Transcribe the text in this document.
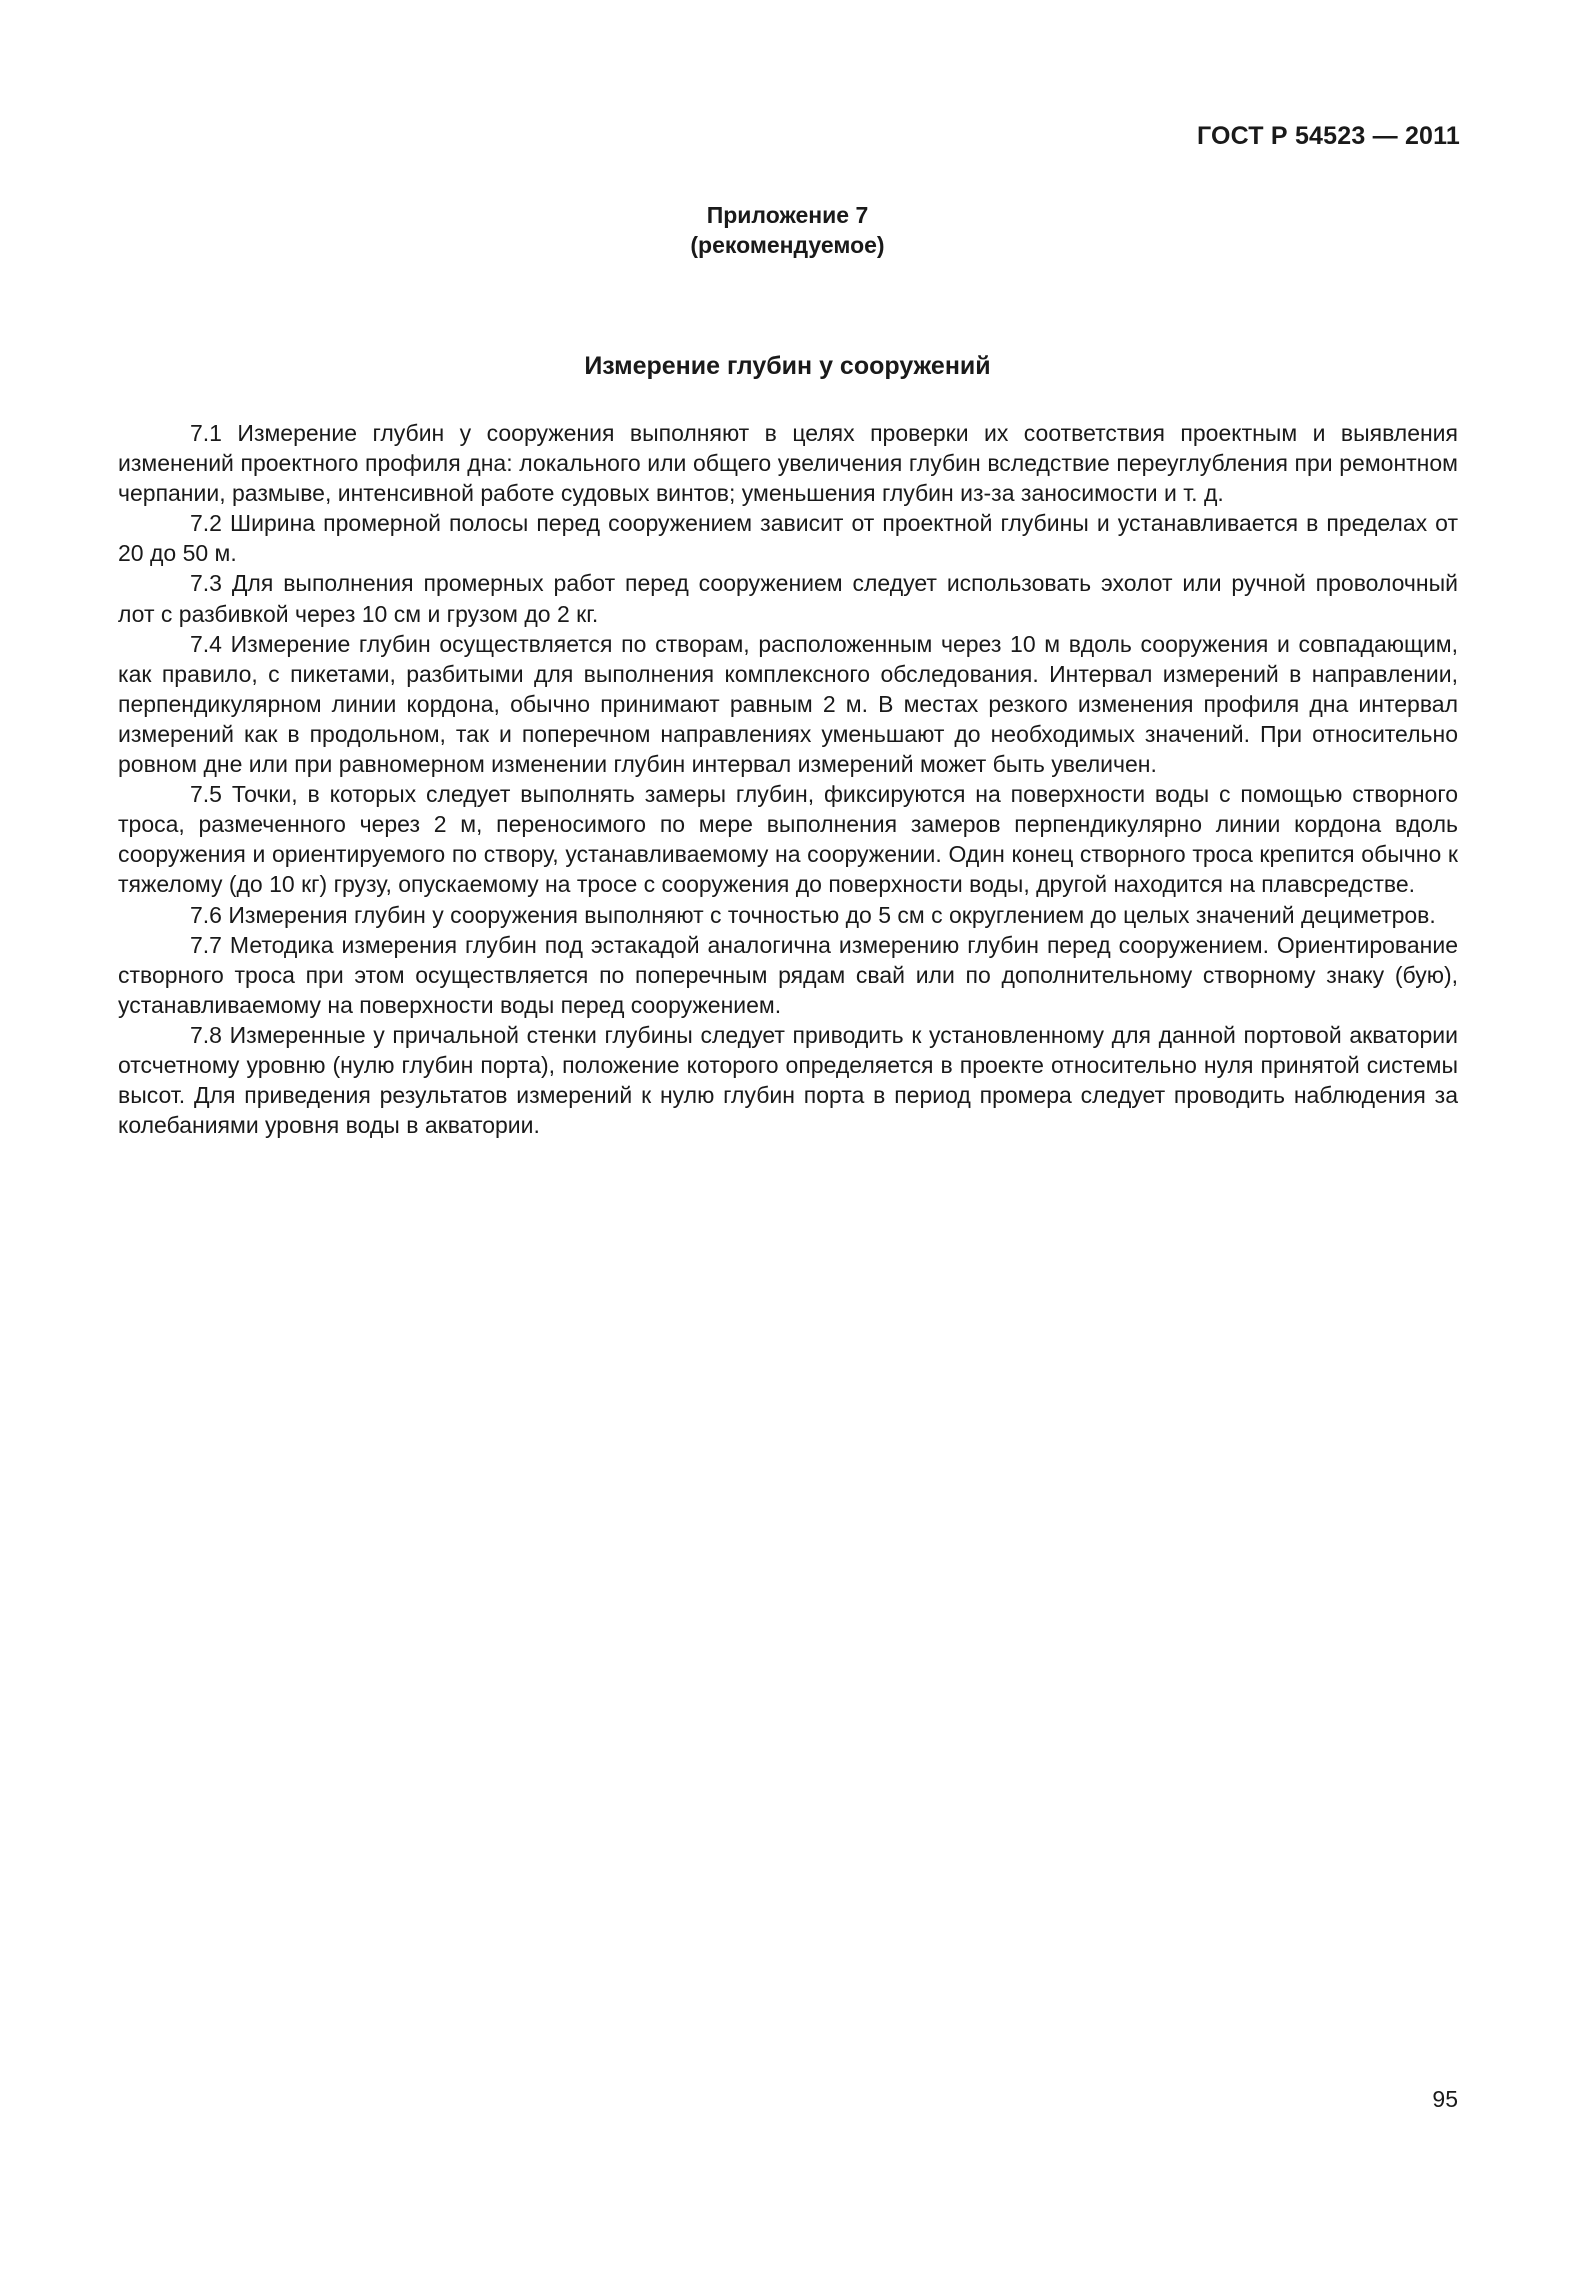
ГОСТ Р 54523 — 2011
Приложение 7
(рекомендуемое)
Измерение глубин у сооружений

7.1 Измерение глубин у сооружения выполняют в целях проверки их соответствия проектным и выявления изменений проектного профиля дна: локального или общего увеличения глубин вследствие переуглубления при ремонтном черпании, размыве, интенсивной работе судовых винтов; уменьшения глубин из-за заносимости и т. д.

7.2 Ширина промерной полосы перед сооружением зависит от проектной глубины и устанавливается в пределах от 20 до 50 м.

7.3 Для выполнения промерных работ перед сооружением следует использовать эхолот или ручной проволочный лот с разбивкой через 10 см и грузом до 2 кг.

7.4 Измерение глубин осуществляется по створам, расположенным через 10 м вдоль сооружения и совпадающим, как правило, с пикетами, разбитыми для выполнения комплексного обследования. Интервал измерений в направлении, перпендикулярном линии кордона, обычно принимают равным 2 м. В местах резкого изменения профиля дна интервал измерений как в продольном, так и поперечном направлениях уменьшают до необходимых значений. При относительно ровном дне или при равномерном изменении глубин интервал измерений может быть увеличен.

7.5 Точки, в которых следует выполнять замеры глубин, фиксируются на поверхности воды с помощью створного троса, размеченного через 2 м, переносимого по мере выполнения замеров перпендикулярно линии кордона вдоль сооружения и ориентируемого по створу, устанавливаемому на сооружении. Один конец створного троса крепится обычно к тяжелому (до 10 кг) грузу, опускаемому на тросе с сооружения до поверхности воды, другой находится на плавсредстве.

7.6 Измерения глубин у сооружения выполняют с точностью до 5 см с округлением до целых значений дециметров.

7.7 Методика измерения глубин под эстакадой аналогична измерению глубин перед сооружением. Ориентирование створного троса при этом осуществляется по поперечным рядам свай или по дополнительному створному знаку (бую), устанавливаемому на поверхности воды перед сооружением.

7.8 Измеренные у причальной стенки глубины следует приводить к установленному для данной портовой акватории отсчетному уровню (нулю глубин порта), положение которого определяется в проекте относительно нуля принятой системы высот. Для приведения результатов измерений к нулю глубин порта в период промера следует проводить наблюдения за колебаниями уровня воды в акватории.

95
